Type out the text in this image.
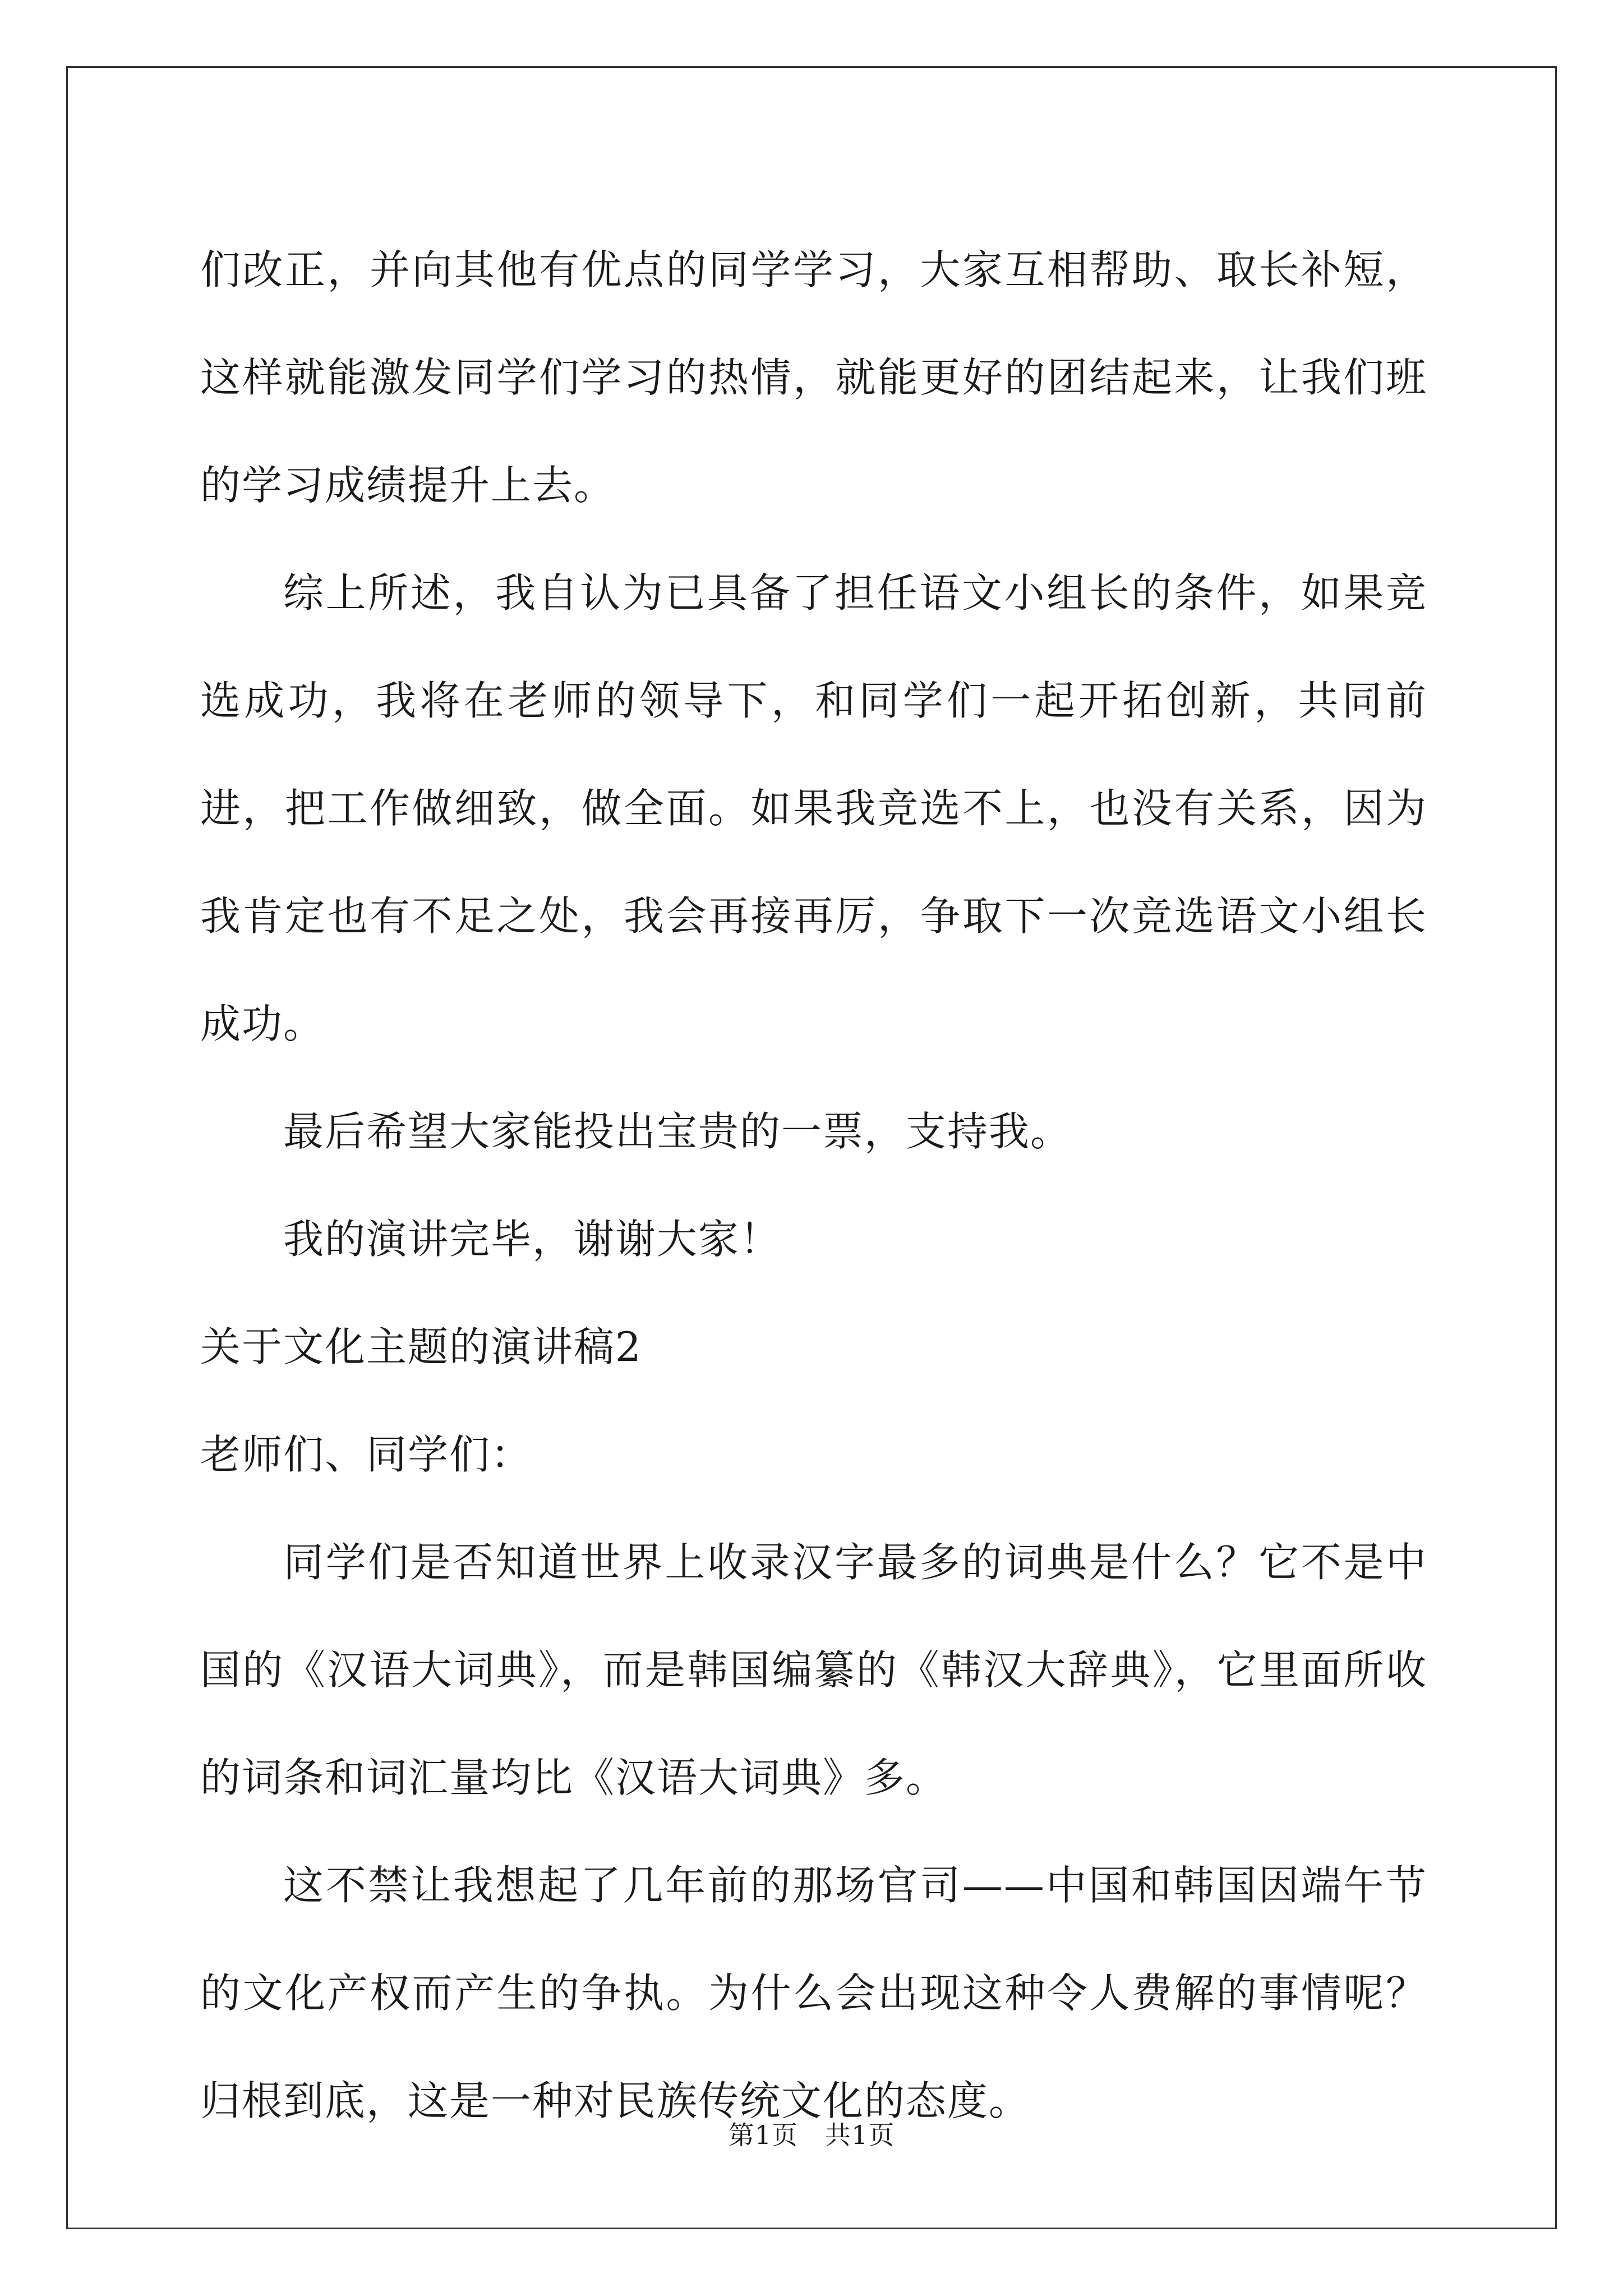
们改正，并向其他有优点的同学学习，大家互相帮助、取长补短，这样就能激发同学们学习的热情，就能更好的团结起来，让我们班的学习成绩提升上去。

综上所述，我自认为已具备了担任语文小组长的条件，如果竞选成功，我将在老师的领导下，和同学们一起开拓创新，共同前进，把工作做细致，做全面。如果我竞选不上，也没有关系，因为我肯定也有不足之处，我会再接再厉，争取下一次竞选语文小组长成功。

最后希望大家能投出宝贵的一票，支持我。

我的演讲完毕，谢谢大家！

关于文化主题的演讲稿2

老师们、同学们：

同学们是否知道世界上收录汉字最多的词典是什么？它不是中国的《汉语大词典》，而是韩国编纂的《韩汉大辞典》，它里面所收的词条和词汇量均比《汉语大词典》多。

这不禁让我想起了几年前的那场官司——中国和韩国因端午节的文化产权而产生的争执。为什么会出现这种令人费解的事情呢？归根到底，这是一种对民族传统文化的态度。

第1页 共1页
